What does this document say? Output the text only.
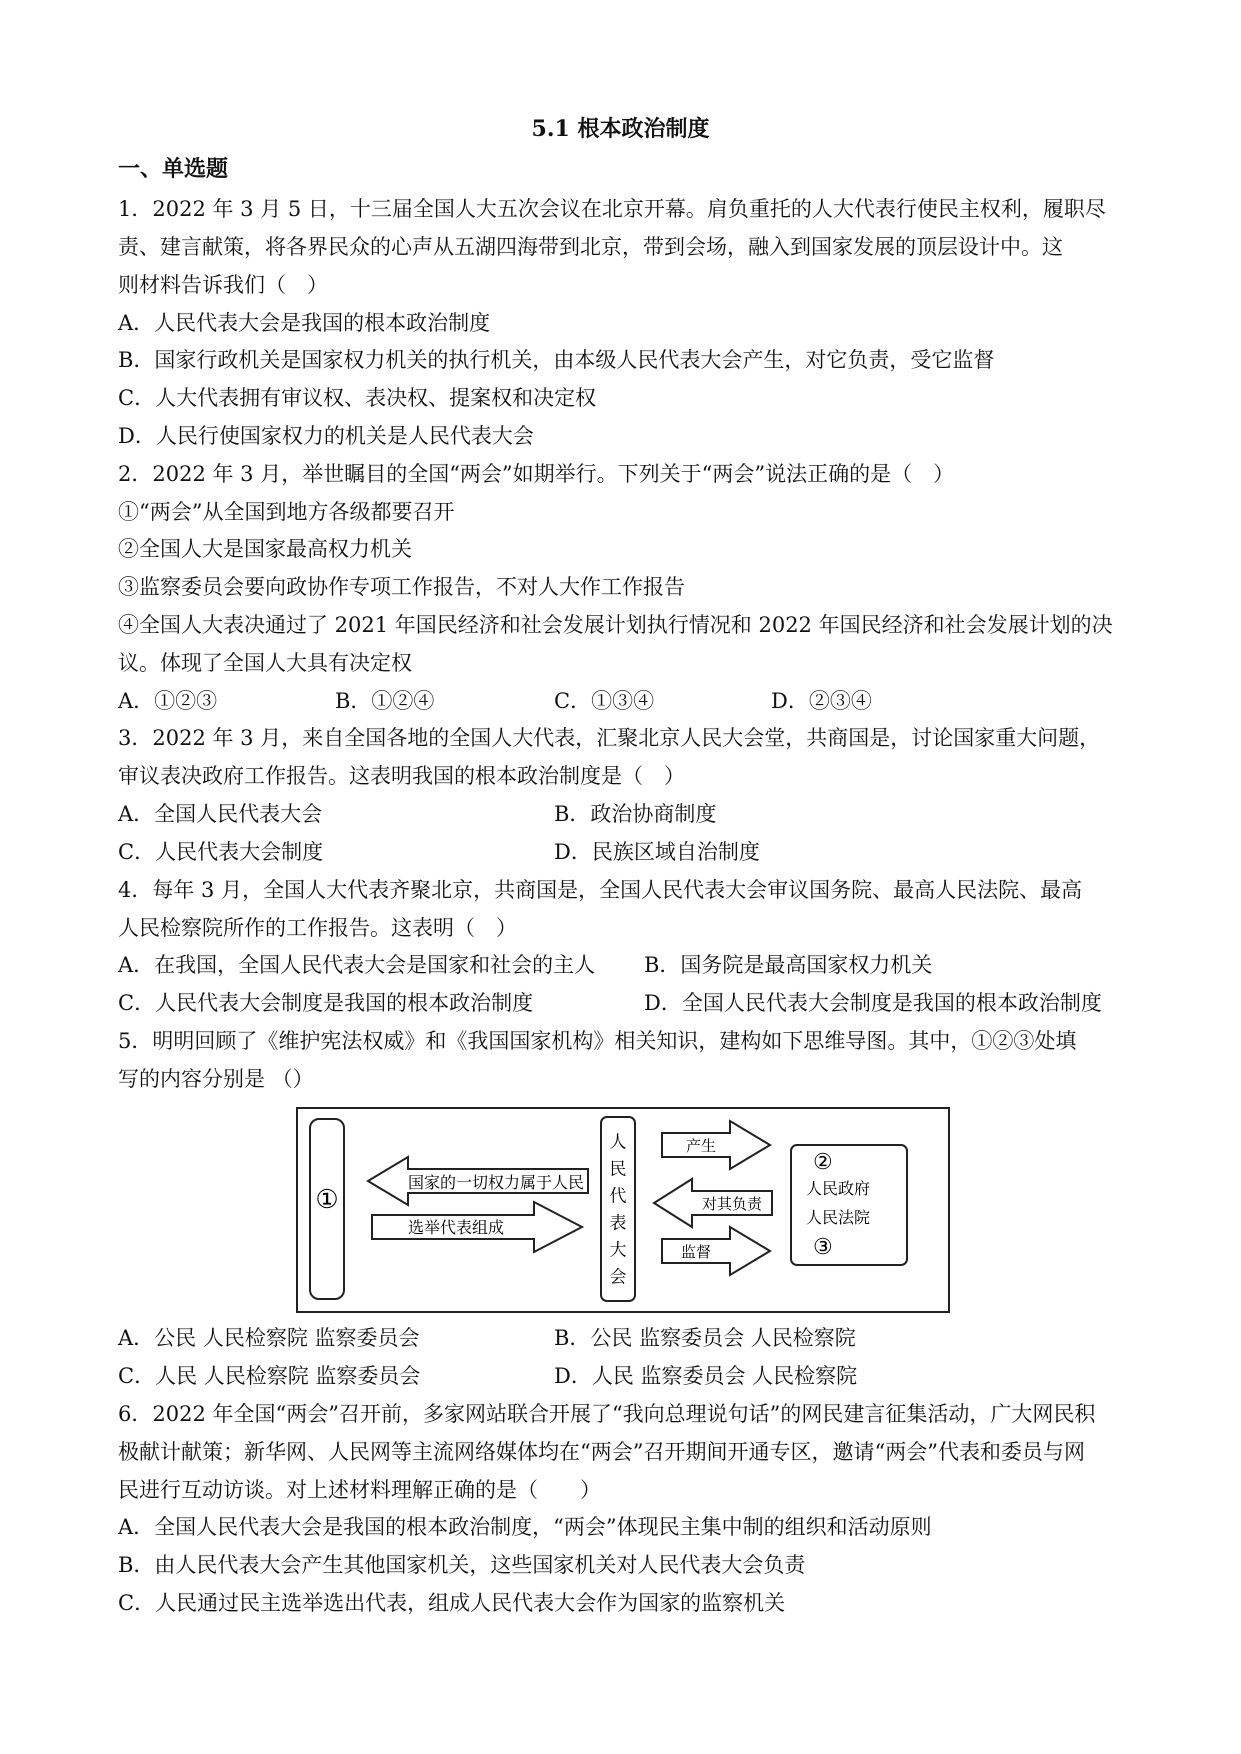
5.1 根本政治制度
一、单选题
1．2022 年 3 月 5 日，十三届全国人大五次会议在北京开幕。肩负重托的人大代表行使民主权利，履职尽
责、建言献策，将各界民众的心声从五湖四海带到北京，带到会场，融入到国家发展的顶层设计中。这
则材料告诉我们（　）
A．人民代表大会是我国的根本政治制度
B．国家行政机关是国家权力机关的执行机关，由本级人民代表大会产生，对它负责，受它监督
C．人大代表拥有审议权、表决权、提案权和决定权
D．人民行使国家权力的机关是人民代表大会
2．2022 年 3 月，举世瞩目的全国“两会”如期举行。下列关于“两会”说法正确的是（　）
①“两会”从全国到地方各级都要召开
②全国人大是国家最高权力机关
③监察委员会要向政协作专项工作报告，不对人大作工作报告
④全国人大表决通过了 2021 年国民经济和社会发展计划执行情况和 2022 年国民经济和社会发展计划的决
议。体现了全国人大具有决定权
A．①②③	B．①②④	C．①③④	D．②③④
3．2022 年 3 月，来自全国各地的全国人大代表，汇聚北京人民大会堂，共商国是，讨论国家重大问题，
审议表决政府工作报告。这表明我国的根本政治制度是（　）
A．全国人民代表大会	B．政治协商制度
C．人民代表大会制度	D．民族区域自治制度
4．每年 3 月，全国人大代表齐聚北京，共商国是，全国人民代表大会审议国务院、最高人民法院、最高
人民检察院所作的工作报告。这表明（　）
A．在我国，全国人民代表大会是国家和社会的主人 B．国务院是最高国家权力机关
C．人民代表大会制度是我国的根本政治制度	D．全国人民代表大会制度是我国的根本政治制度
5．明明回顾了《维护宪法权威》和《我国国家机构》相关知识，建构如下思维导图。其中，①②③处填
写的内容分别是 （）
①
国家的一切权力属于人民
选举代表组成
人民代表大会
产生
对其负责
监督
②
人民政府
人民法院
③
A．公民 人民检察院 监察委员会	B．公民 监察委员会 人民检察院
C．人民 人民检察院 监察委员会	D．人民 监察委员会 人民检察院
6．2022 年全国“两会”召开前，多家网站联合开展了“我向总理说句话”的网民建言征集活动，广大网民积
极献计献策；新华网、人民网等主流网络媒体均在“两会”召开期间开通专区，邀请“两会”代表和委员与网
民进行互动访谈。对上述材料理解正确的是（　　）
A．全国人民代表大会是我国的根本政治制度，“两会”体现民主集中制的组织和活动原则
B．由人民代表大会产生其他国家机关，这些国家机关对人民代表大会负责
C．人民通过民主选举选出代表，组成人民代表大会作为国家的监察机关
